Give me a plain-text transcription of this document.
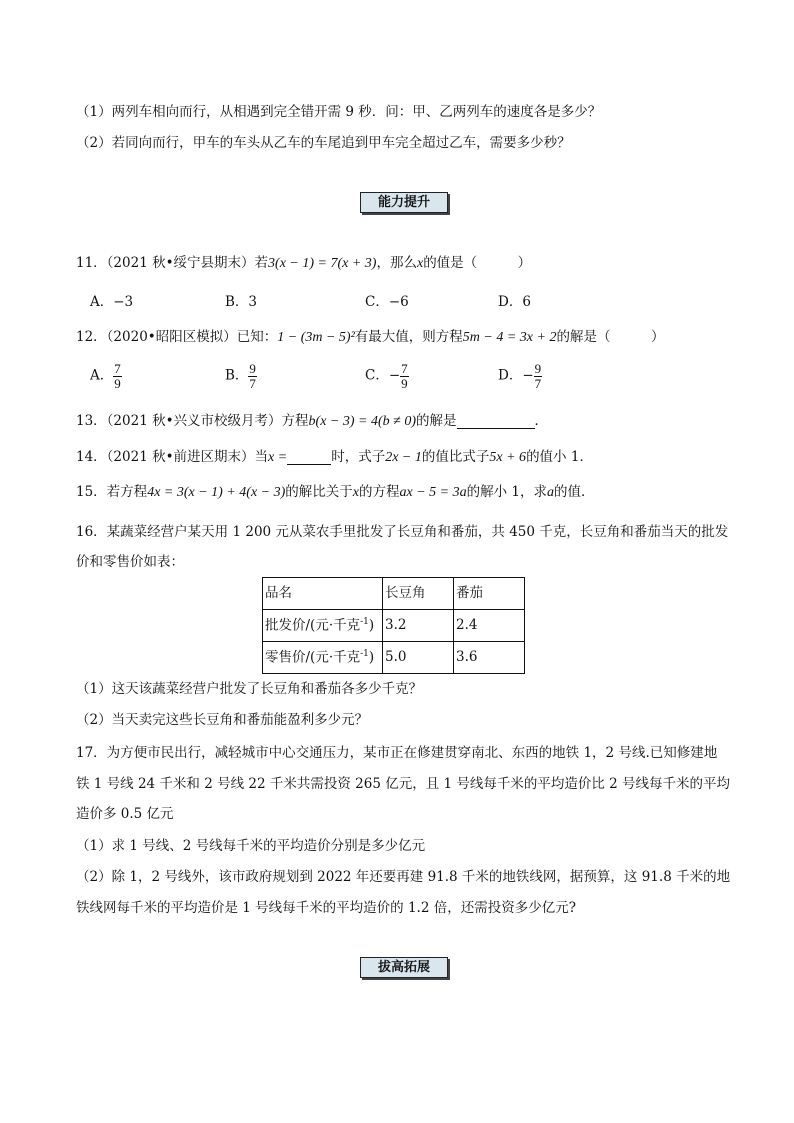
（1）两列车相向而行，从相遇到完全错开需 9 秒．问：甲、乙两列车的速度各是多少？
（2）若同向而行，甲车的车头从乙车的车尾追到甲车完全超过乙车，需要多少秒？
能力提升
11．（2021 秋•绥宁县期末）若3(x − 1) = 7(x + 3)，那么x的值是（　　　）
A．−3	B．3	C．−6	D．6
12．（2020•昭阳区模拟）已知：1 − (3m − 5)²有最大值，则方程5m − 4 = 3x + 2的解是（　　　）
A． $\frac{7}{9}$	B． $\frac{9}{7}$	C．− $\frac{7}{9}$	D．− $\frac{9}{7}$
13．（2021 秋•兴义市校级月考）方程b(x − 3) = 4(b ≠ 0)的解是	．
14．（2021 秋•前进区期末）当x =	时，式子2x − 1的值比式子5x + 6的值小 1．
15．若方程4x = 3(x − 1) + 4(x − 3)的解比关于x的方程ax − 5 = 3a的解小 1，求a的值．
16．某蔬菜经营户某天用 1 200 元从菜农手里批发了长豆角和番茄，共 450 千克，长豆角和番茄当天的批发
价和零售价如表：
品名	长豆角	番茄
批发价/(元·千克$^{-1}$)	3.2	2.4
零售价/(元·千克$^{-1}$)	5.0	3.6
（1）这天该蔬菜经营户批发了长豆角和番茄各多少千克？
（2）当天卖完这些长豆角和番茄能盈利多少元？
17．为方便市民出行，减轻城市中心交通压力，某市正在修建贯穿南北、东西的地铁 1，2 号线.已知修建地
铁 1 号线 24 千米和 2 号线 22 千米共需投资 265 亿元，且 1 号线每千米的平均造价比 2 号线每千米的平均
造价多 0.5 亿元
（1）求 1 号线、2 号线每千米的平均造价分别是多少亿元
（2）除 1，2 号线外，该市政府规划到 2022 年还要再建 91.8 千米的地铁线网，据预算，这 91.8 千米的地
铁线网每千米的平均造价是 1 号线每千米的平均造价的 1.2 倍，还需投资多少亿元?
拔高拓展
